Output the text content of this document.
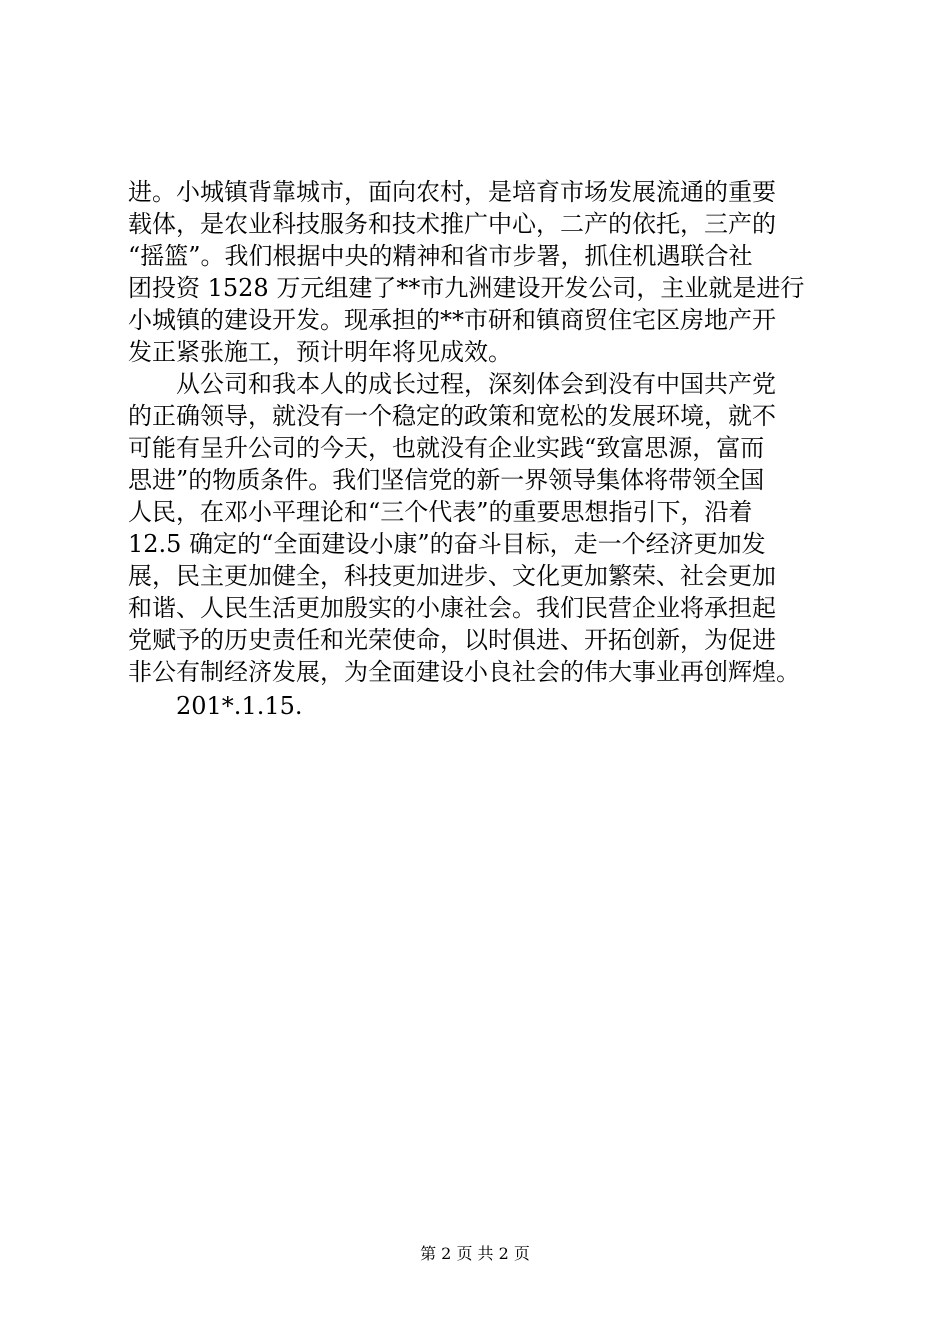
进。小城镇背靠城市，面向农村，是培育市场发展流通的重要
载体，是农业科技服务和技术推广中心，二产的依托，三产的
“摇篮”。我们根据中央的精神和省市步署，抓住机遇联合社
团投资 1528 万元组建了**市九洲建设开发公司，主业就是进行
小城镇的建设开发。现承担的**市研和镇商贸住宅区房地产开
发正紧张施工，预计明年将见成效。
　　从公司和我本人的成长过程，深刻体会到没有中国共产党
的正确领导，就没有一个稳定的政策和宽松的发展环境，就不
可能有呈升公司的今天，也就没有企业实践“致富思源，富而
思进”的物质条件。我们坚信党的新一界领导集体将带领全国
人民，在邓小平理论和“三个代表”的重要思想指引下，沿着
12.5 确定的“全面建设小康”的奋斗目标，走一个经济更加发
展，民主更加健全，科技更加进步、文化更加繁荣、社会更加
和谐、人民生活更加殷实的小康社会。我们民营企业将承担起
党赋予的历史责任和光荣使命，以时俱进、开拓创新，为促进
非公有制经济发展，为全面建设小良社会的伟大事业再创辉煌。
201*.1.15.
第 2 页 共 2 页
